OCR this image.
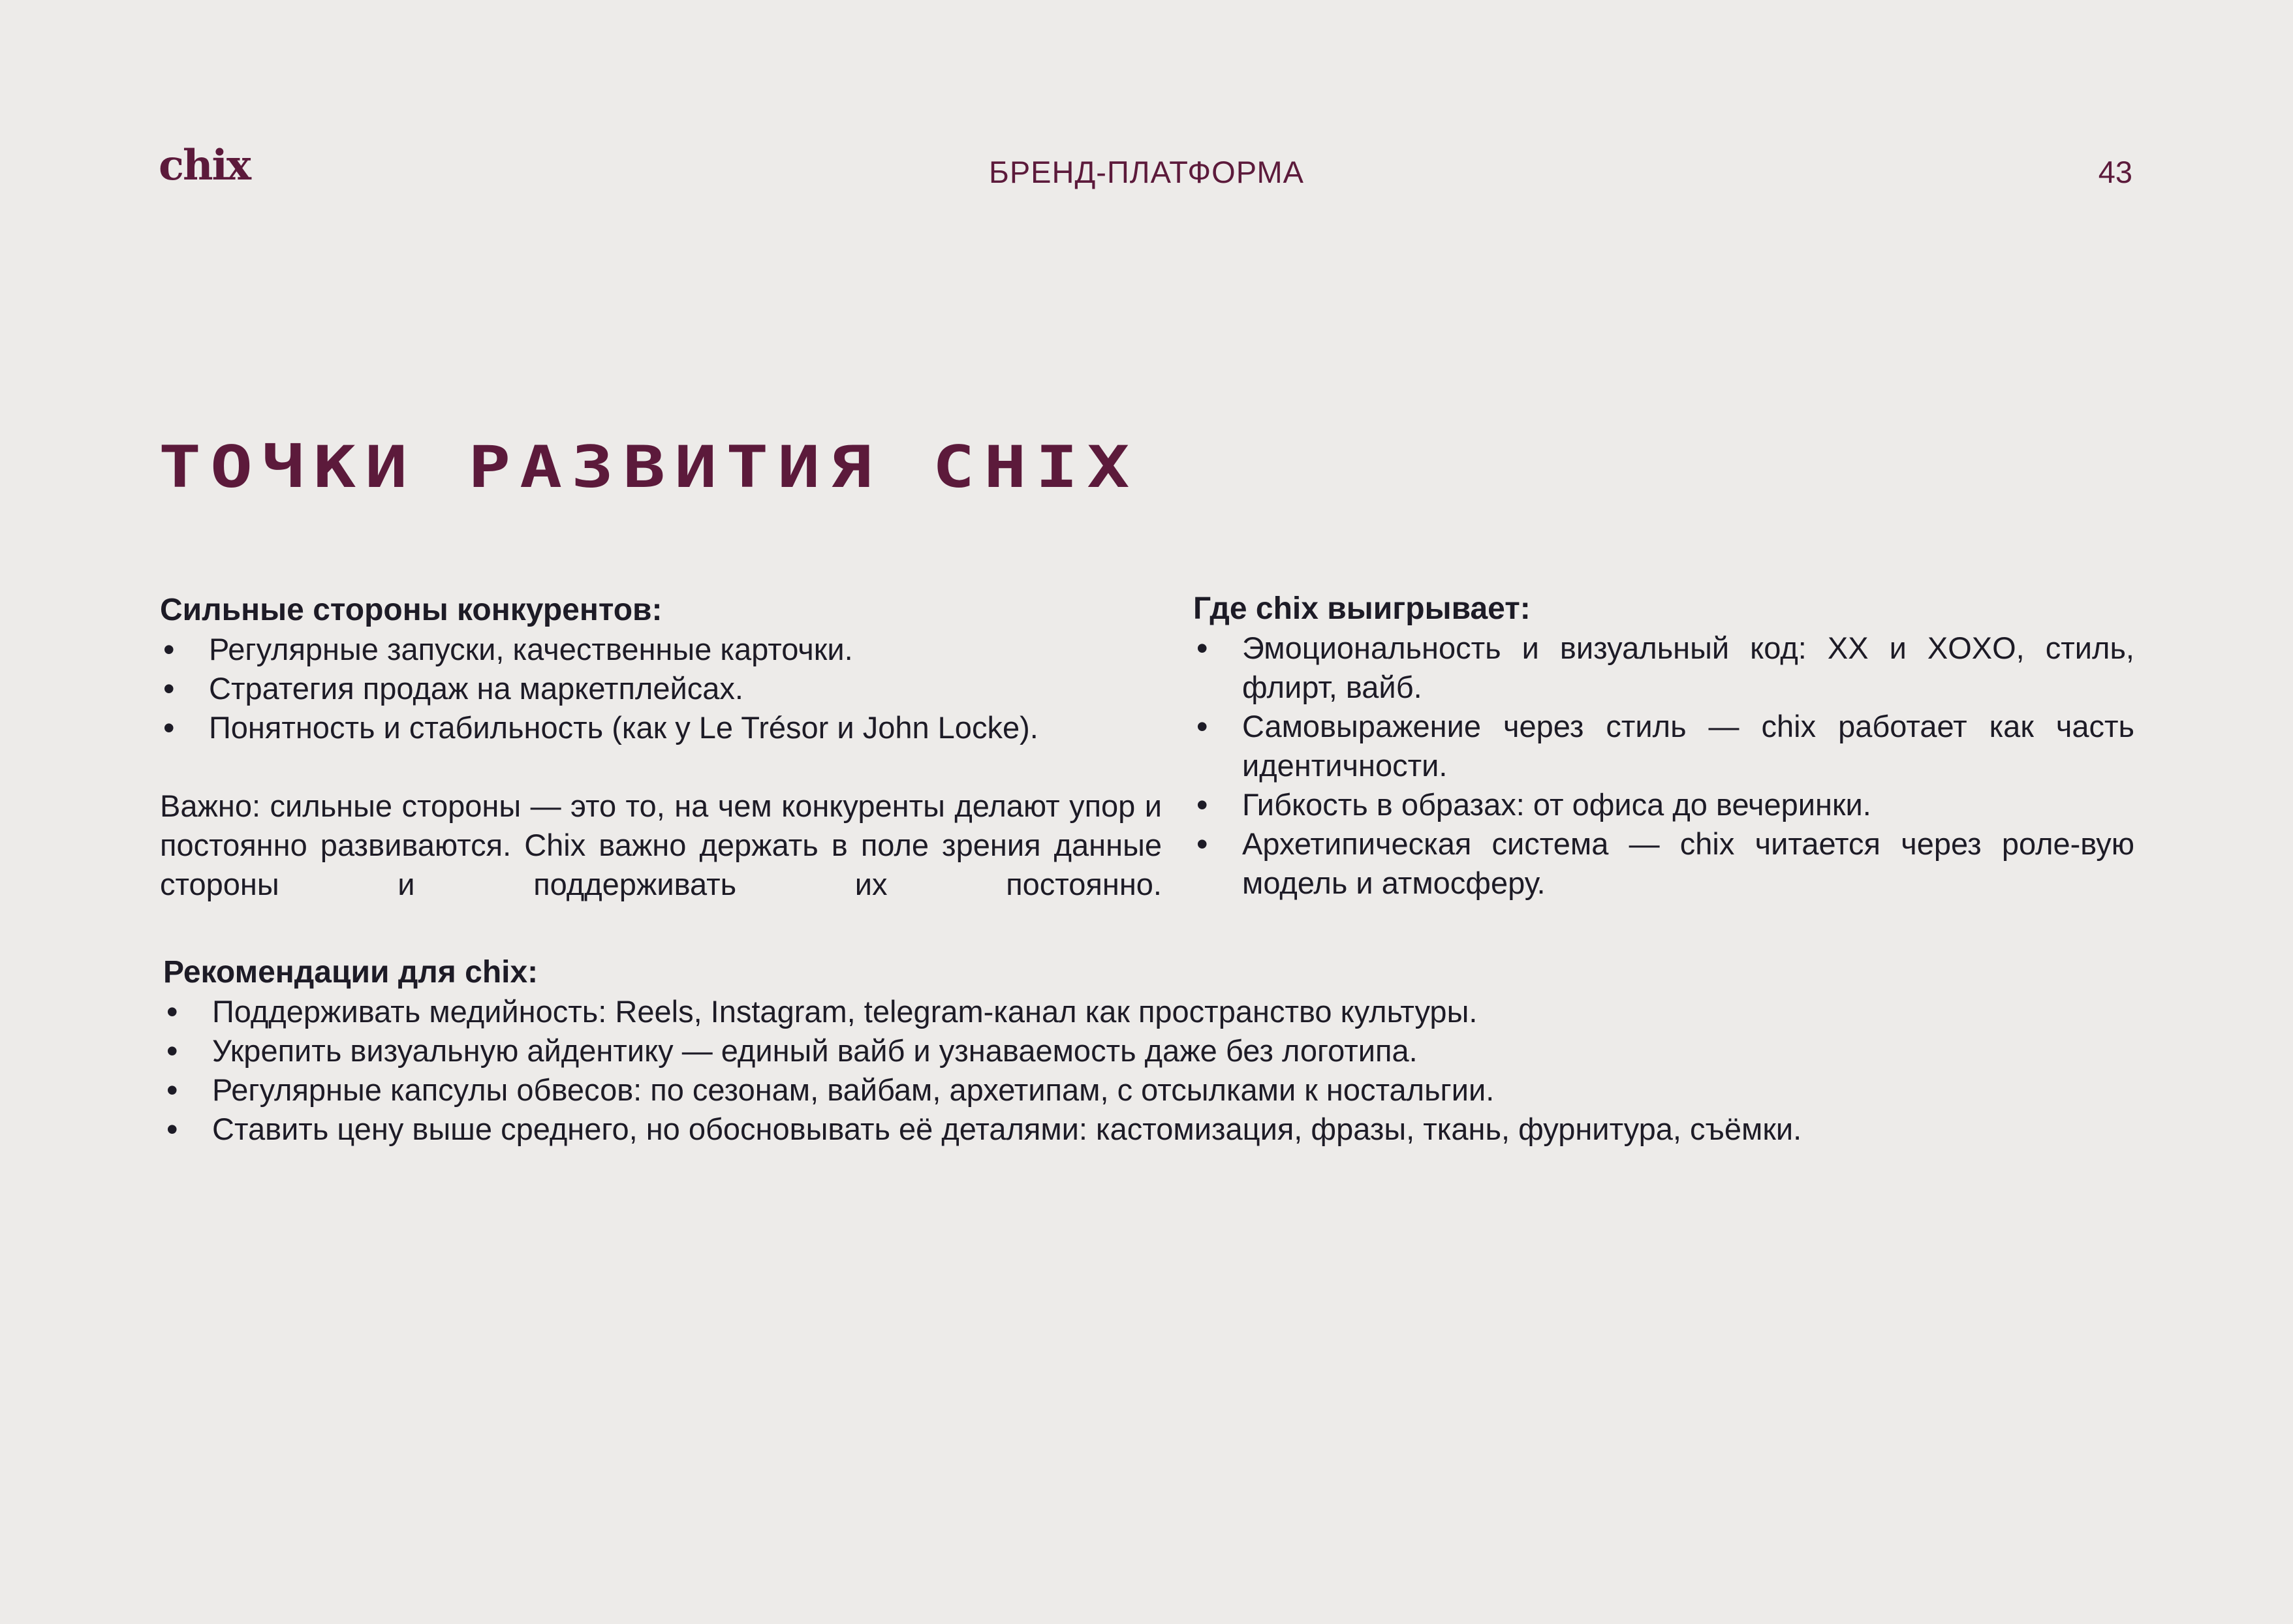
chix	БРЕНД-ПЛАТФОРМА	43
ТОЧКИ РАЗВИТИЯ CHIX
Сильные стороны конкурентов:
• Регулярные запуски, качественные карточки.
• Стратегия продаж на маркетплейсах.
• Понятность и стабильность (как у Le Trésor и John Locke).

Важно: сильные стороны — это то, на чем конкуренты делают упор и постоянно развиваются. Chix важно держать в поле зрения данные стороны и поддерживать их постоянно.

Где chix выигрывает:
• Эмоциональность и визуальный код: XX и XOXO, стиль, флирт, вайб.
• Самовыражение через стиль — chix работает как часть идентичности.
• Гибкость в образах: от офиса до вечеринки.
• Архетипическая система — chix читается через роле-вую модель и атмосферу.
Рекомендации для chix:
• Поддерживать медийность: Reels, Instagram, telegram-канал как пространство культуры.
• Укрепить визуальную айдентику — единый вайб и узнаваемость даже без логотипа.
• Регулярные капсулы обвесов: по сезонам, вайбам, архетипам, с отсылками к ностальгии.
• Ставить цену выше среднего, но обосновывать её деталями: кастомизация, фразы, ткань, фурнитура, съёмки.
